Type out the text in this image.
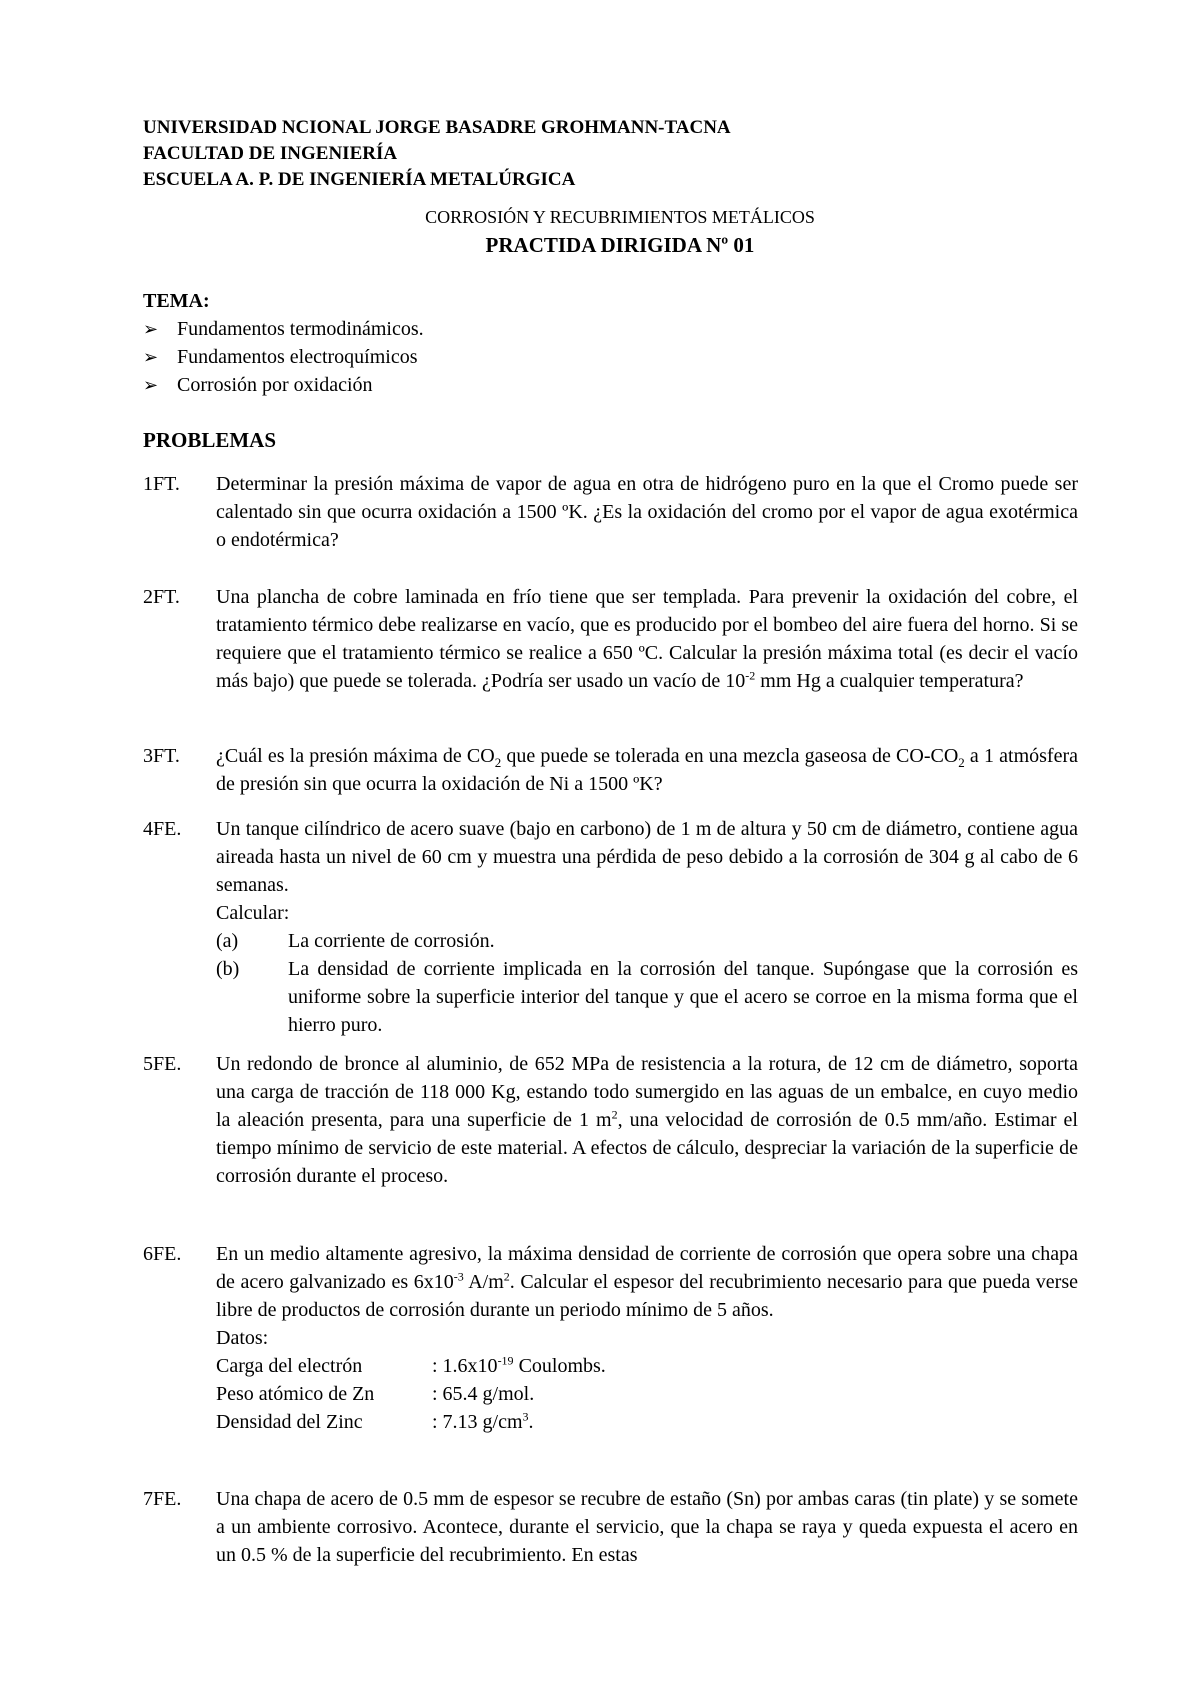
UNIVERSIDAD NCIONAL JORGE BASADRE GROHMANN-TACNA
FACULTAD DE INGENIERÍA
ESCUELA A. P. DE INGENIERÍA METALÚRGICA
CORROSIÓN Y RECUBRIMIENTOS METÁLICOS
PRACTIDA DIRIGIDA Nº 01
TEMA:
➢ Fundamentos termodinámicos.
➢ Fundamentos electroquímicos
➢ Corrosión por oxidación
PROBLEMAS
1FT. Determinar la presión máxima de vapor de agua en otra de hidrógeno puro en la que el Cromo puede ser calentado sin que ocurra oxidación a 1500 ºK. ¿Es la oxidación del cromo por el vapor de agua exotérmica o endotérmica?

2FT. Una plancha de cobre laminada en frío tiene que ser templada. Para prevenir la oxidación del cobre, el tratamiento térmico debe realizarse en vacío, que es producido por el bombeo del aire fuera del horno. Si se requiere que el tratamiento térmico se realice a 650 ºC. Calcular la presión máxima total (es decir el vacío más bajo) que puede se tolerada. ¿Podría ser usado un vacío de $10^{-2}$ mm Hg a cualquier temperatura?

3FT. ¿Cuál es la presión máxima de $CO_2$ que puede se tolerada en una mezcla gaseosa de $CO-CO_2$ a 1 atmósfera de presión sin que ocurra la oxidación de Ni a 1500 ºK?

4FE. Un tanque cilíndrico de acero suave (bajo en carbono) de 1 m de altura y 50 cm de diámetro, contiene agua aireada hasta un nivel de 60 cm y muestra una pérdida de peso debido a la corrosión de 304 g al cabo de 6 semanas.

Calcular:

(a) La corriente de corrosión.
(b) La densidad de corriente implicada en la corrosión del tanque. Supóngase que la corrosión es uniforme sobre la superficie interior del tanque y que el acero se corroe en la misma forma que el hierro puro.
5FE. Un redondo de bronce al aluminio, de 652 MPa de resistencia a la rotura, de 12 cm de diámetro, soporta una carga de tracción de 118 000 Kg, estando todo sumergido en las aguas de un embalce, en cuyo medio la aleación presenta, para una superficie de 1 $m^2$, una velocidad de corrosión de 0.5 mm/año. Estimar el tiempo mínimo de servicio de este material. A efectos de cálculo, despreciar la variación de la superficie de corrosión durante el proceso.

6FE. En un medio altamente agresivo, la máxima densidad de corriente de corrosión que opera sobre una chapa de acero galvanizado es $6x10^{-3}$ $A/m^2$. Calcular el espesor del recubrimiento necesario para que pueda verse libre de productos de corrosión durante un periodo mínimo de 5 años.

Datos:

Carga del electrón	: $1.6x10^{-19}$ Coulombs.
Peso atómico de Zn	: 65.4 g/mol.
Densidad del Zinc	: 7.13 $g/cm^3$.
7FE. Una chapa de acero de 0.5 mm de espesor se recubre de estaño (Sn) por ambas caras (tin plate) y se somete a un ambiente corrosivo. Acontece, durante el servicio, que la chapa se raya y queda expuesta el acero en un 0.5 % de la superficie del recubrimiento. En estas
